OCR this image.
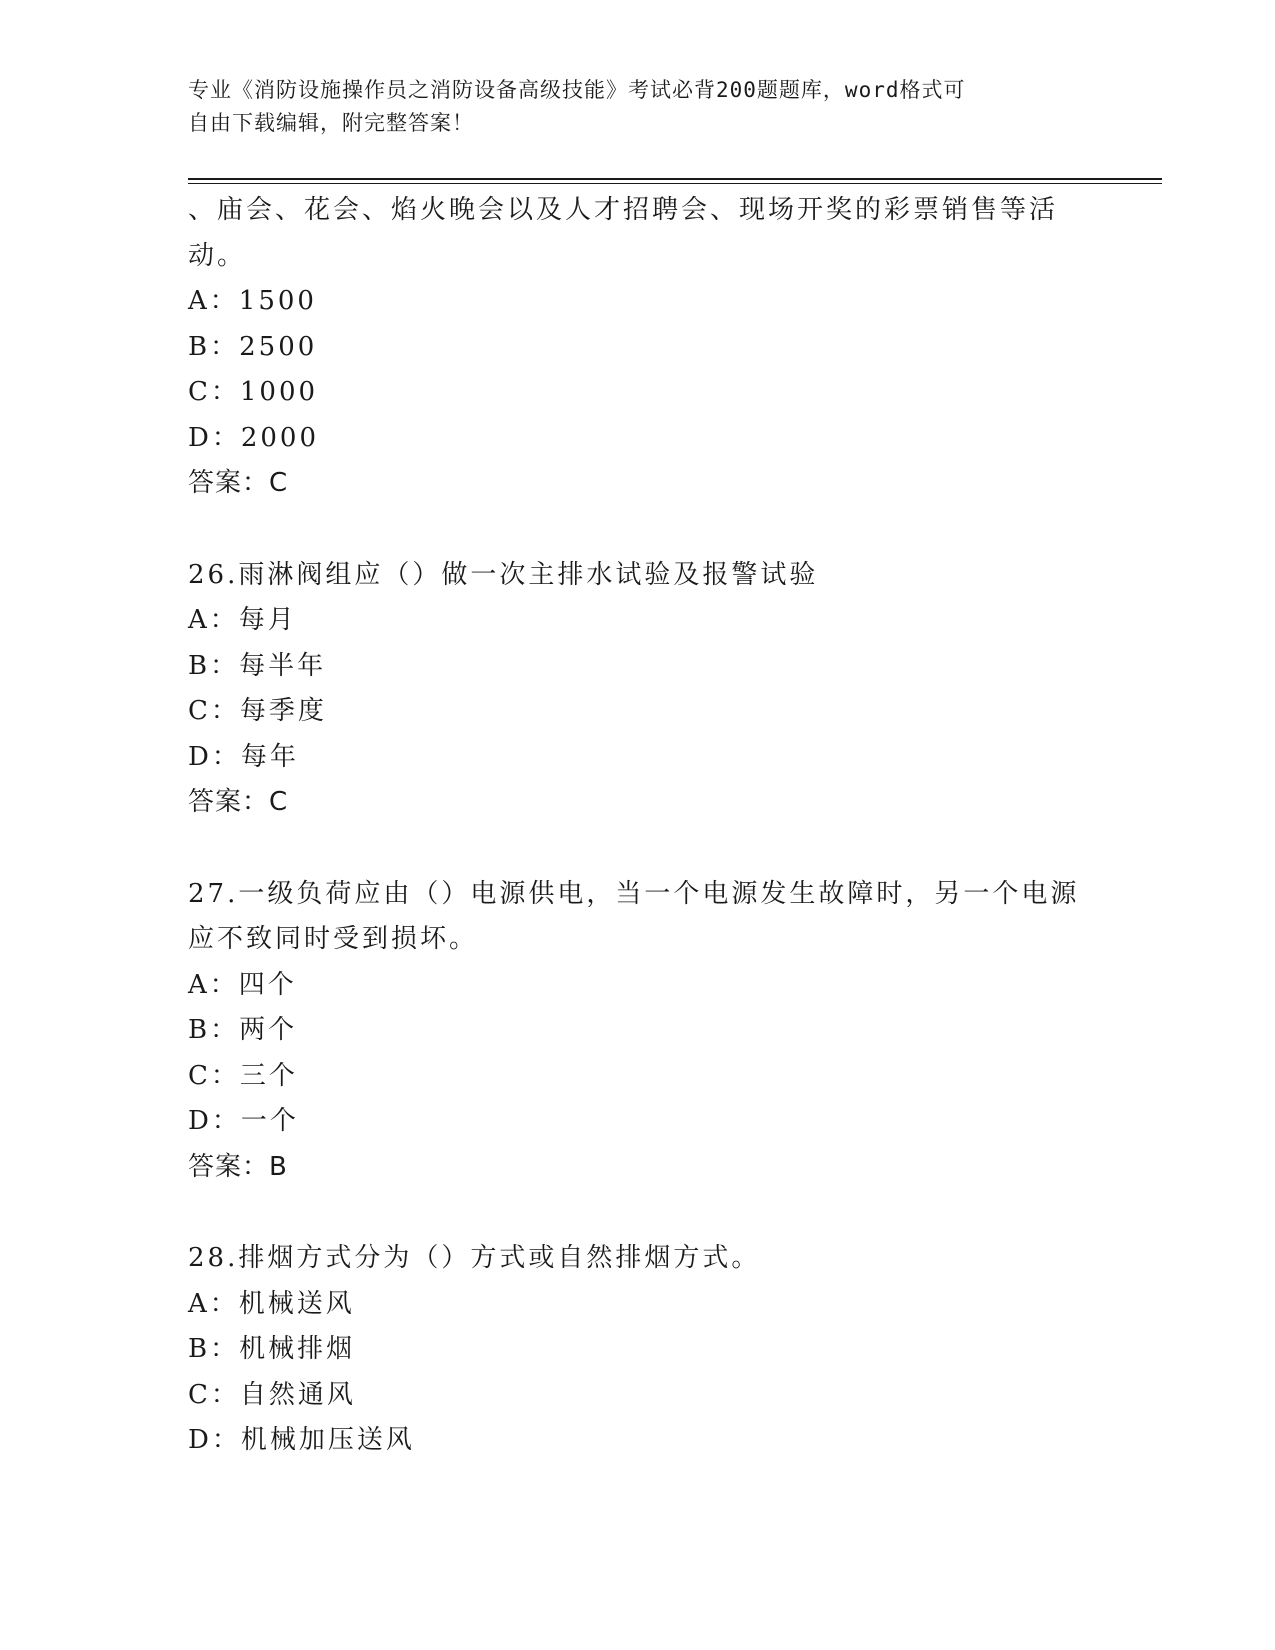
专业《消防设施操作员之消防设备高级技能》考试必背200题题库，word格式可
自由下载编辑，附完整答案！
、庙会、花会、焰火晚会以及人才招聘会、现场开奖的彩票销售等活
动。
A：1500
B：2500
C：1000
D：2000
答案：C
26.雨淋阀组应（）做一次主排水试验及报警试验
A：每月
B：每半年
C：每季度
D：每年
答案：C
27.一级负荷应由（）电源供电，当一个电源发生故障时，另一个电源
应不致同时受到损坏。
A：四个
B：两个
C：三个
D：一个
答案：B
28.排烟方式分为（）方式或自然排烟方式。
A：机械送风
B：机械排烟
C：自然通风
D：机械加压送风
